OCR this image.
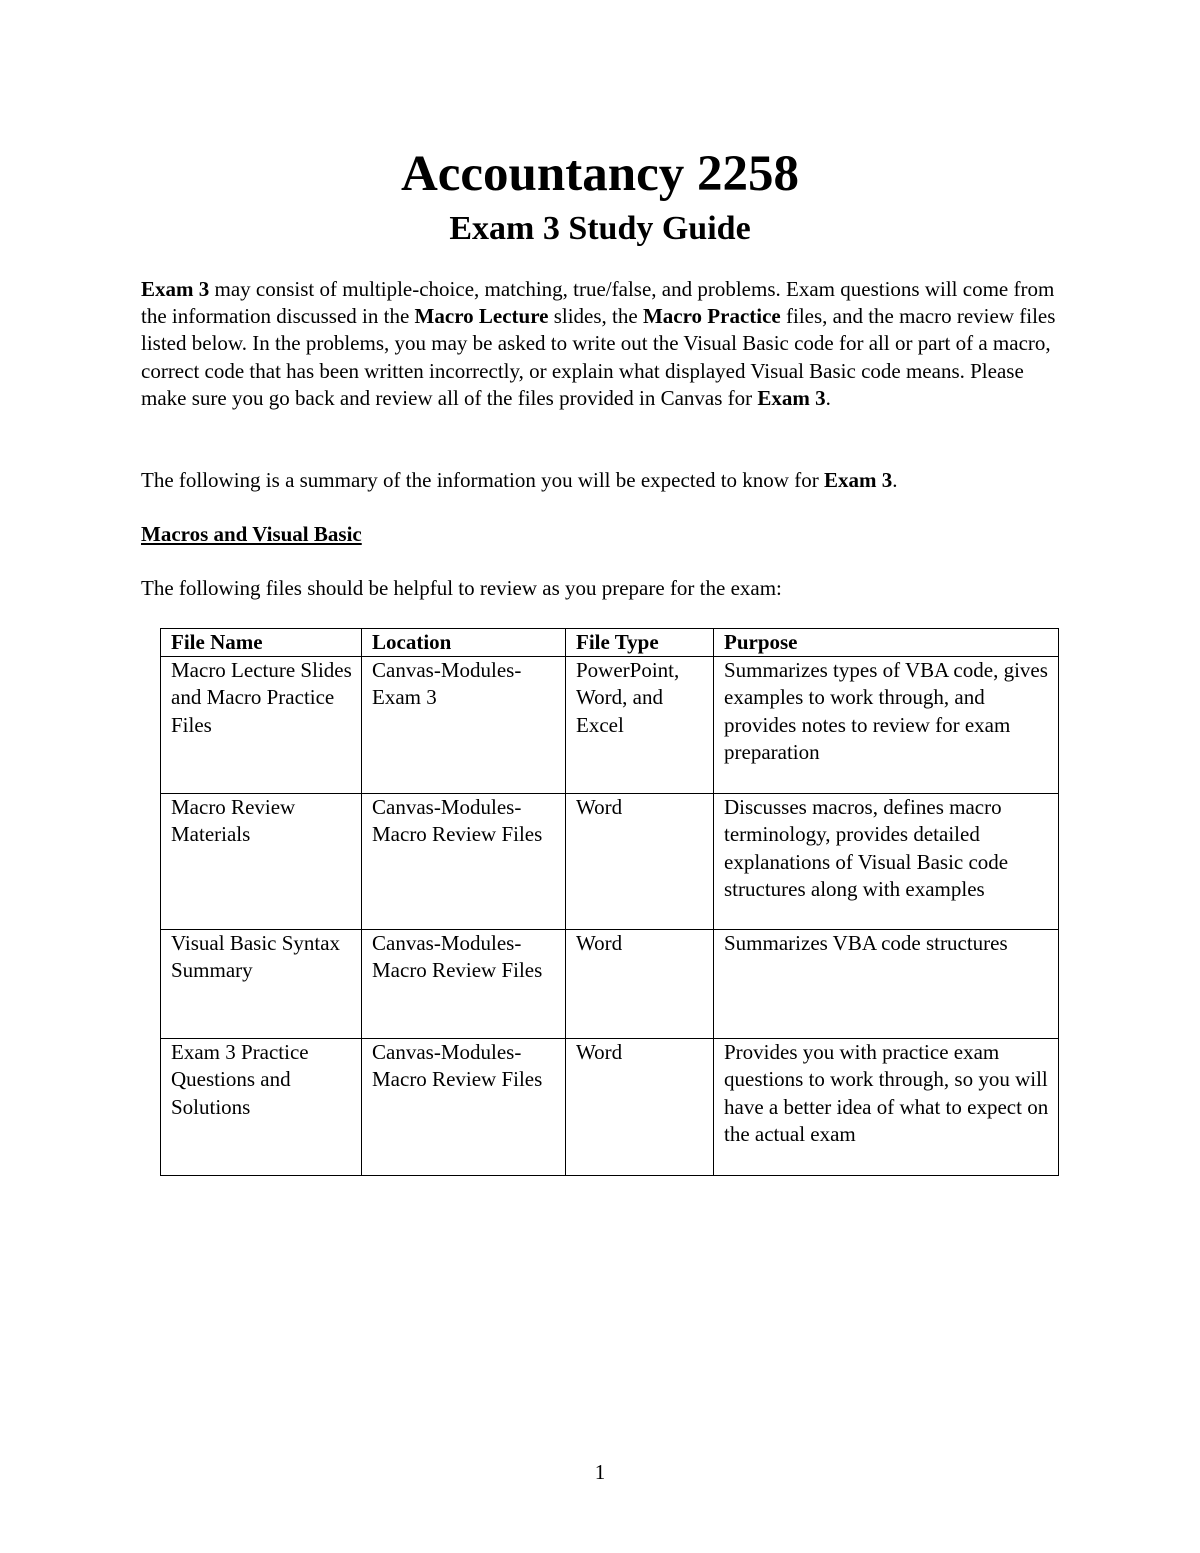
Accountancy 2258
Exam 3 Study Guide

Exam 3 may consist of multiple-choice, matching, true/false, and problems. Exam questions will come from the information discussed in the Macro Lecture slides, the Macro Practice files, and the macro review files listed below. In the problems, you may be asked to write out the Visual Basic code for all or part of a macro, correct code that has been written incorrectly, or explain what displayed Visual Basic code means. Please make sure you go back and review all of the files provided in Canvas for Exam 3.

The following is a summary of the information you will be expected to know for Exam 3.

Macros and Visual Basic

The following files should be helpful to review as you prepare for the exam:

File Name	Location	File Type	Purpose
Macro Lecture Slides and Macro Practice Files	Canvas-Modules-Exam 3	PowerPoint, Word, and Excel	Summarizes types of VBA code, gives examples to work through, and provides notes to review for exam preparation
Macro Review Materials	Canvas-Modules-Macro Review Files	Word	Discusses macros, defines macro terminology, provides detailed explanations of Visual Basic code structures along with examples
Visual Basic Syntax Summary	Canvas-Modules-Macro Review Files	Word	Summarizes VBA code structures
Exam 3 Practice Questions and Solutions	Canvas-Modules-Macro Review Files	Word	Provides you with practice exam questions to work through, so you will have a better idea of what to expect on the actual exam

1
